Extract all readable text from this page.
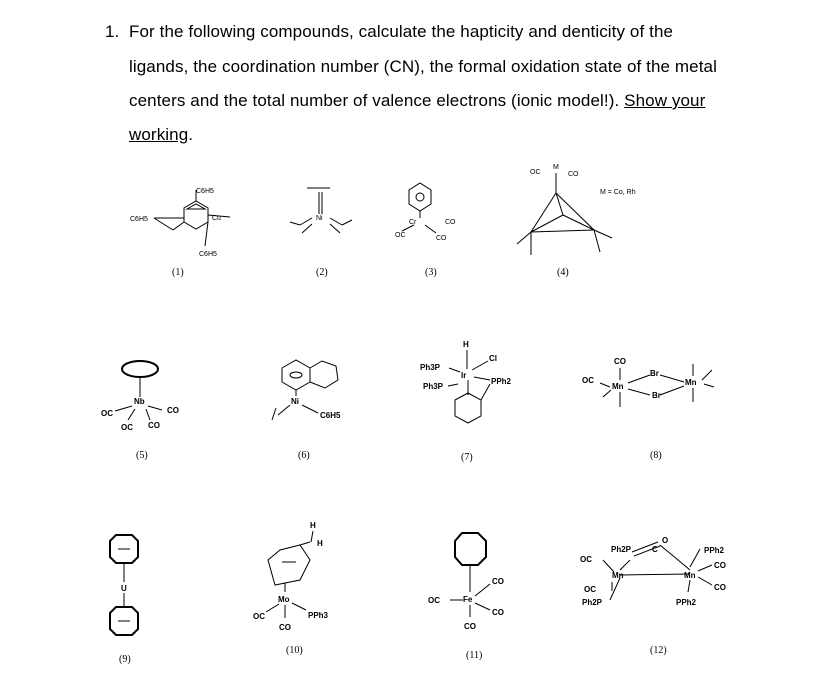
1. For the following compounds, calculate the hapticity and denticity of the
ligands, the coordination number (CN), the formal oxidation state of the metal
centers and the total number of valence electrons (ionic model!). Show your
working.
C6H5
C6H5
C6H5
Cu
(1)
Ni
(2)
Cr	CO
OC	CO
(3)
M
OC	CO
M = Co, Rh
(4)
Nb
OC
OC
CO
CO
(5)
Ni
C6H5
(6)
H
Ir
Cl
Ph3P
Ph3P
PPh2
(7)
Mn	Mn
Br
Br
CO
OC
(8)
U
(9)
H
H
Mo
OC
CO
PPh3
(10)
Fe
OC
CO
CO
CO
(11)
Ph2P
Ph2P
PPh2
PPh2
Mn	Mn
OC
OC
CO
CO
C
O
(12)
